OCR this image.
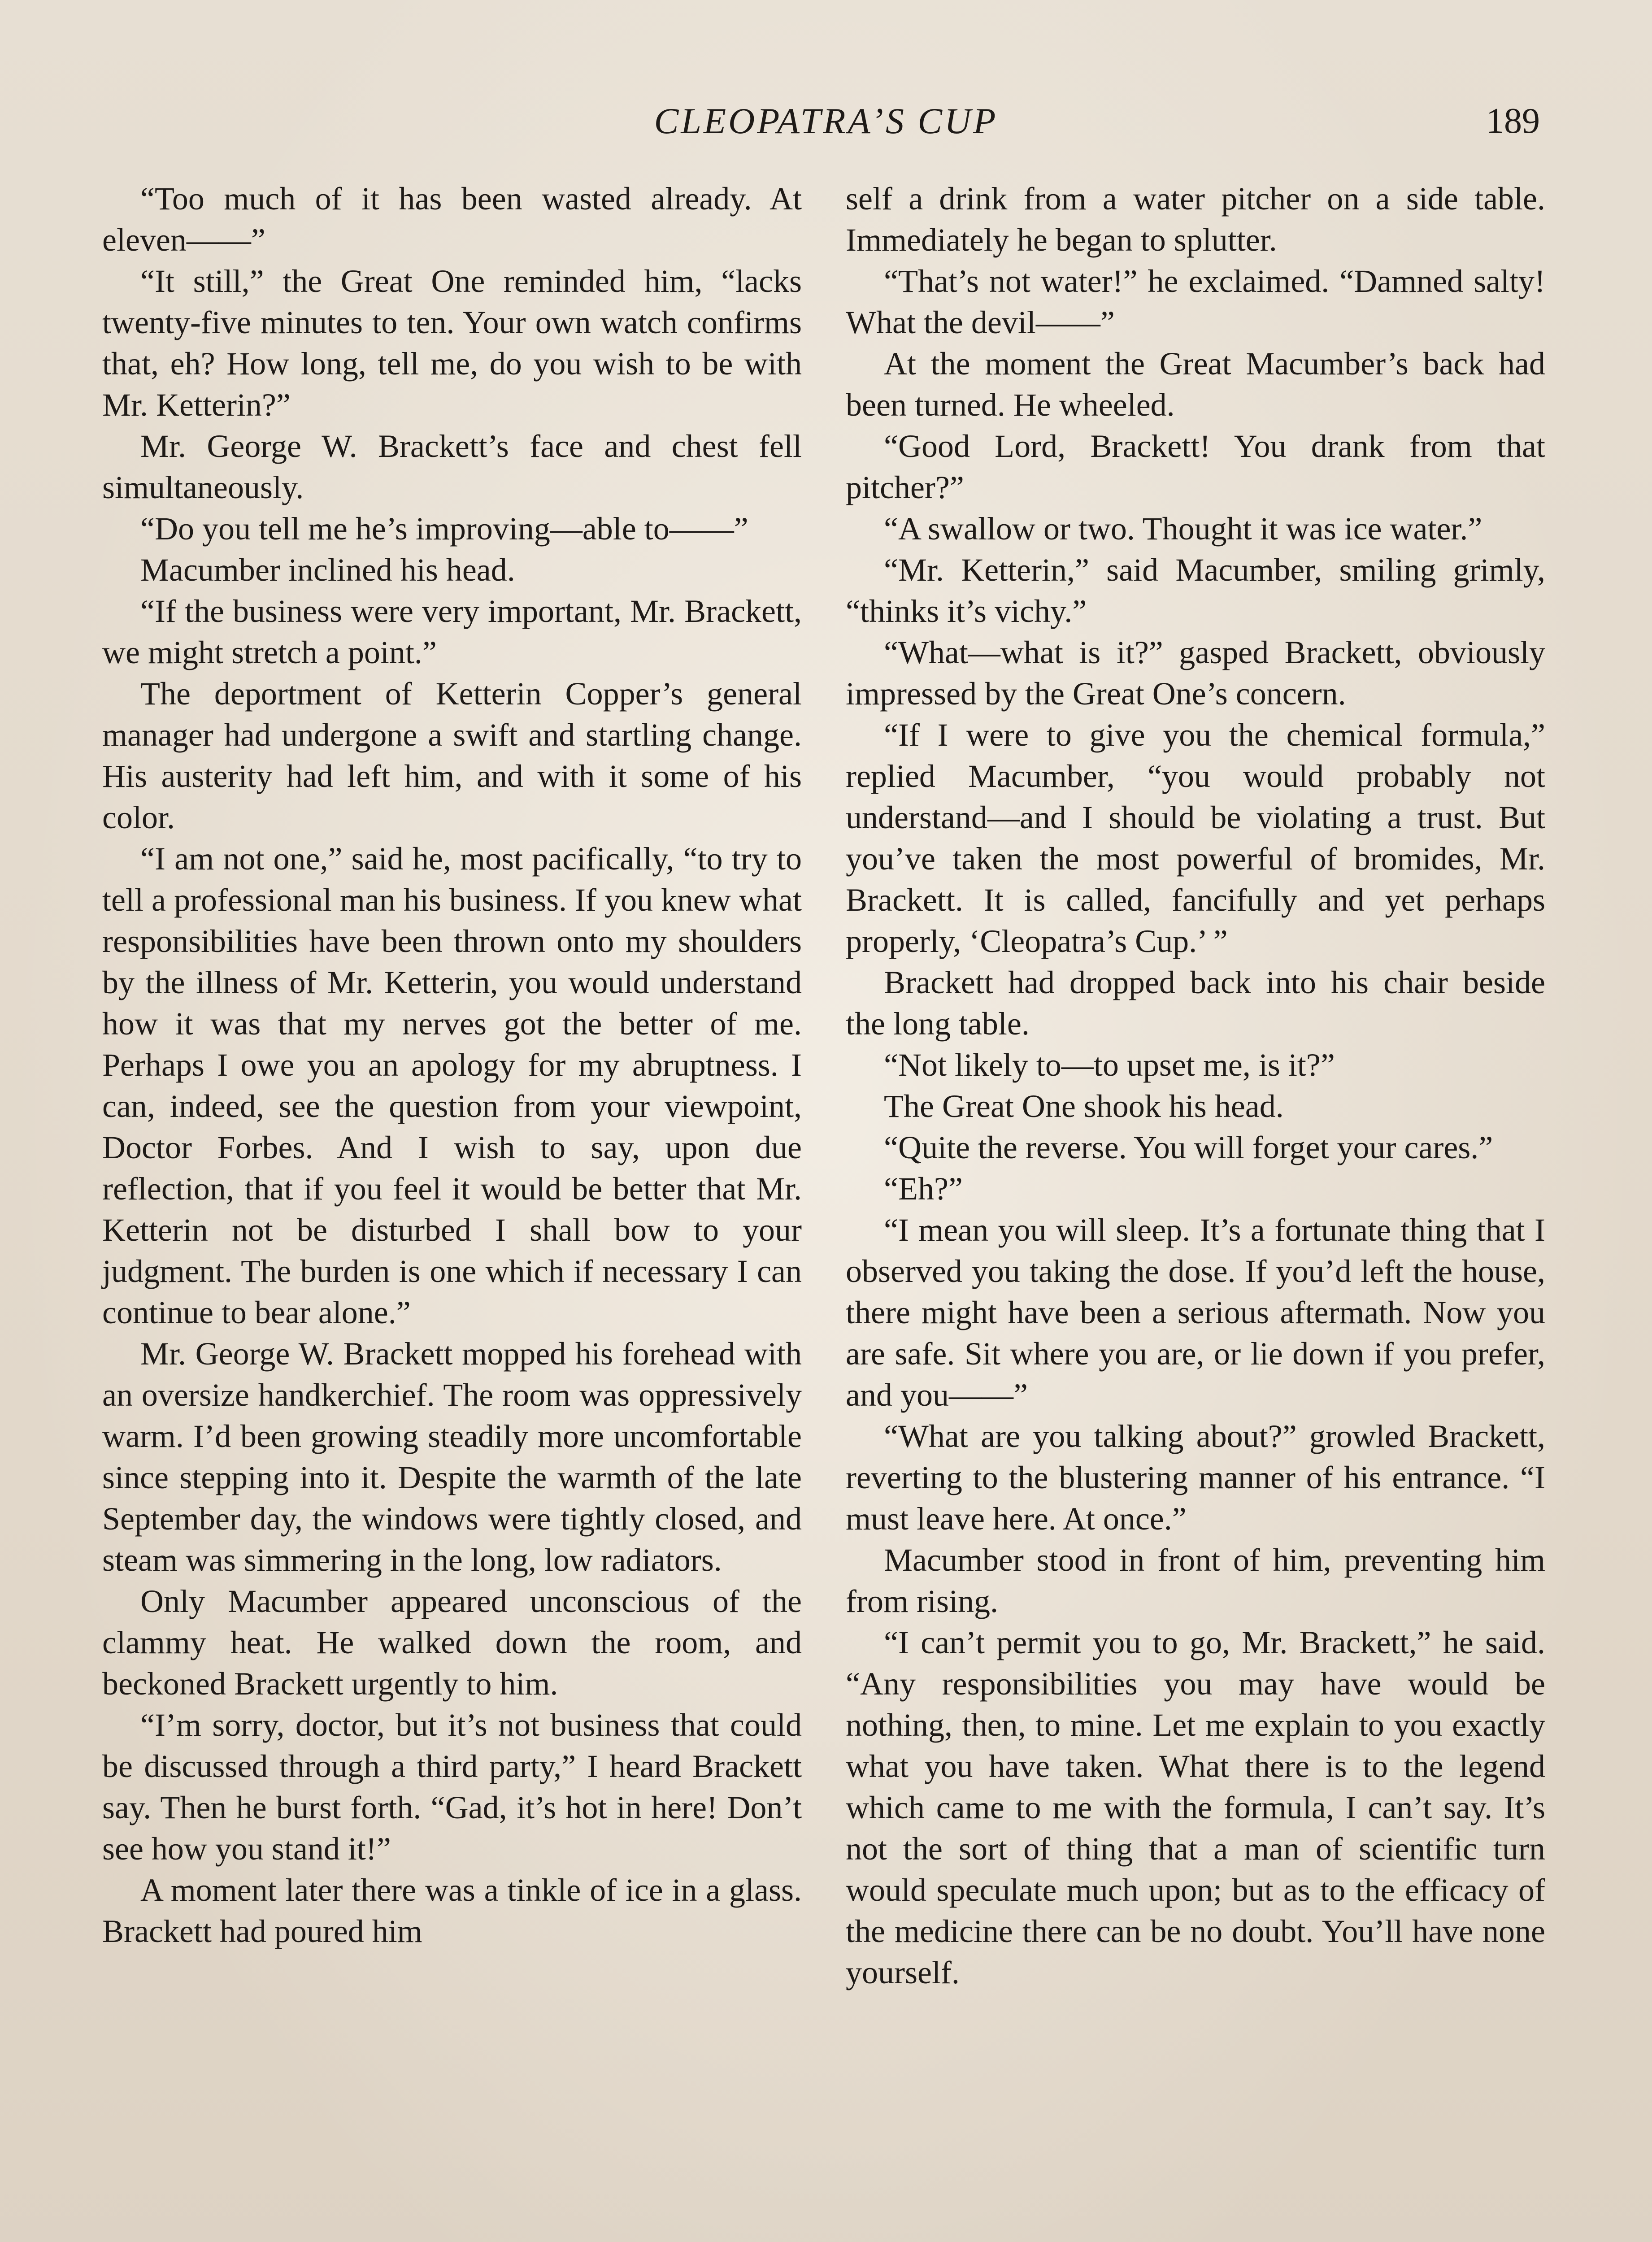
CLEOPATRA’S CUP	189

“Too much of it has been wasted already. At eleven——”

“It still,” the Great One reminded him, “lacks twenty-five minutes to ten. Your own watch confirms that, eh? How long, tell me, do you wish to be with Mr. Ketterin?”

Mr. George W. Brackett’s face and chest fell simultaneously.

“Do you tell me he’s improving—able to——”

Macumber inclined his head.

“If the business were very important, Mr. Brackett, we might stretch a point.”

The deportment of Ketterin Copper’s general manager had undergone a swift and startling change. His austerity had left him, and with it some of his color.

“I am not one,” said he, most pacifically, “to try to tell a professional man his business. If you knew what responsibilities have been thrown onto my shoulders by the illness of Mr. Ketterin, you would understand how it was that my nerves got the better of me. Perhaps I owe you an apology for my abruptness. I can, indeed, see the question from your viewpoint, Doctor Forbes. And I wish to say, upon due reflection, that if you feel it would be better that Mr. Ketterin not be disturbed I shall bow to your judgment. The burden is one which if necessary I can continue to bear alone.”

Mr. George W. Brackett mopped his forehead with an oversize handkerchief. The room was oppressively warm. I’d been growing steadily more uncomfortable since stepping into it. Despite the warmth of the late September day, the windows were tightly closed, and steam was simmering in the long, low radiators.

Only Macumber appeared unconscious of the clammy heat. He walked down the room, and beckoned Brackett urgently to him.

“I’m sorry, doctor, but it’s not business that could be discussed through a third party,” I heard Brackett say. Then he burst forth. “Gad, it’s hot in here! Don’t see how you stand it!”

A moment later there was a tinkle of ice in a glass. Brackett had poured him

self a drink from a water pitcher on a side table. Immediately he began to splutter.

“That’s not water!” he exclaimed. “Damned salty! What the devil——”

At the moment the Great Macumber’s back had been turned. He wheeled.

“Good Lord, Brackett! You drank from that pitcher?”

“A swallow or two. Thought it was ice water.”

“Mr. Ketterin,” said Macumber, smiling grimly, “thinks it’s vichy.”

“What—what is it?” gasped Brackett, obviously impressed by the Great One’s concern.

“If I were to give you the chemical formula,” replied Macumber, “you would probably not understand—and I should be violating a trust. But you’ve taken the most powerful of bromides, Mr. Brackett. It is called, fancifully and yet perhaps properly, ‘Cleopatra’s Cup.’ ”

Brackett had dropped back into his chair beside the long table.

“Not likely to—to upset me, is it?”

The Great One shook his head.

“Quite the reverse. You will forget your cares.”

“Eh?”

“I mean you will sleep. It’s a fortunate thing that I observed you taking the dose. If you’d left the house, there might have been a serious aftermath. Now you are safe. Sit where you are, or lie down if you prefer, and you——”

“What are you talking about?” growled Brackett, reverting to the blustering manner of his entrance. “I must leave here. At once.”

Macumber stood in front of him, preventing him from rising.

“I can’t permit you to go, Mr. Brackett,” he said. “Any responsibilities you may have would be nothing, then, to mine. Let me explain to you exactly what you have taken. What there is to the legend which came to me with the formula, I can’t say. It’s not the sort of thing that a man of scientific turn would speculate much upon; but as to the efficacy of the medicine there can be no doubt. You’ll have none yourself.
